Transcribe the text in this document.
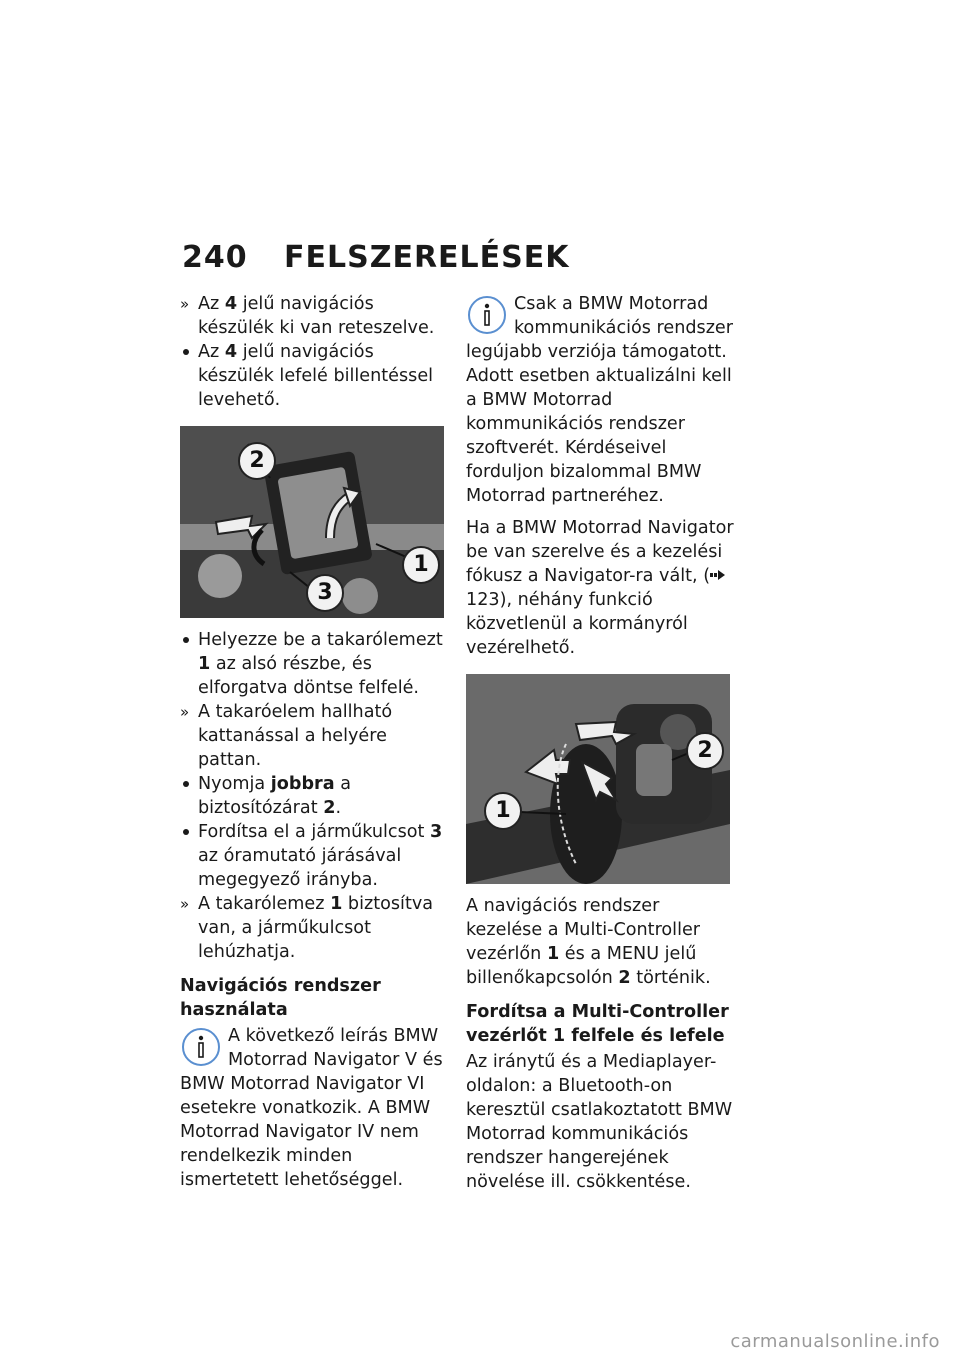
240	FELSZERELÉSEK
» Az 4 jelű navigációs készülék ki van reteszelve.
Az 4 jelű navigációs készülék lefelé billentéssel levehető.
2
1
3
Helyezze be a takarólemezt 1 az alsó részbe, és elforgatva döntse felfelé.
» A takaróelem hallható kattanással a helyére pattan.
Nyomja jobbra a biztosítózárat 2.
Fordítsa el a járműkulcsot 3 az óramutató járásával megegyező irányba.
» A takarólemez 1 biztosítva van, a járműkulcsot lehúzhatja.
Navigációs rendszer használata
A következő leírás BMW Motorrad Navigator V és BMW Motorrad Navigator VI esetekre vonatkozik. A BMW Motorrad Navigator IV nem rendelkezik minden ismertetett lehetőséggel.
Csak a BMW Motorrad kommunikációs rendszer legújabb verziója támogatott. Adott esetben aktualizálni kell a BMW Motorrad kommunikációs rendszer szoftverét. Kérdéseivel forduljon bizalommal BMW Motorrad partneréhez.
Ha a BMW Motorrad Navigator be van szerelve és a kezelési fókusz a Navigator-ra vált, (123), néhány funkció közvetlenül a kormányról vezérelhető.
2
1
A navigációs rendszer kezelése a Multi-Controller vezérlőn 1 és a MENU jelű billenőkapcsolón 2 történik.
Fordítsa a Multi-Controller vezérlőt 1 felfele és lefele
Az iránytű és a Mediaplayer-oldalon: a Bluetooth-on keresztül csatlakoztatott BMW Motorrad kommunikációs rendszer hangerejének növelése ill. csökkentése.
carmanualsonline.info
